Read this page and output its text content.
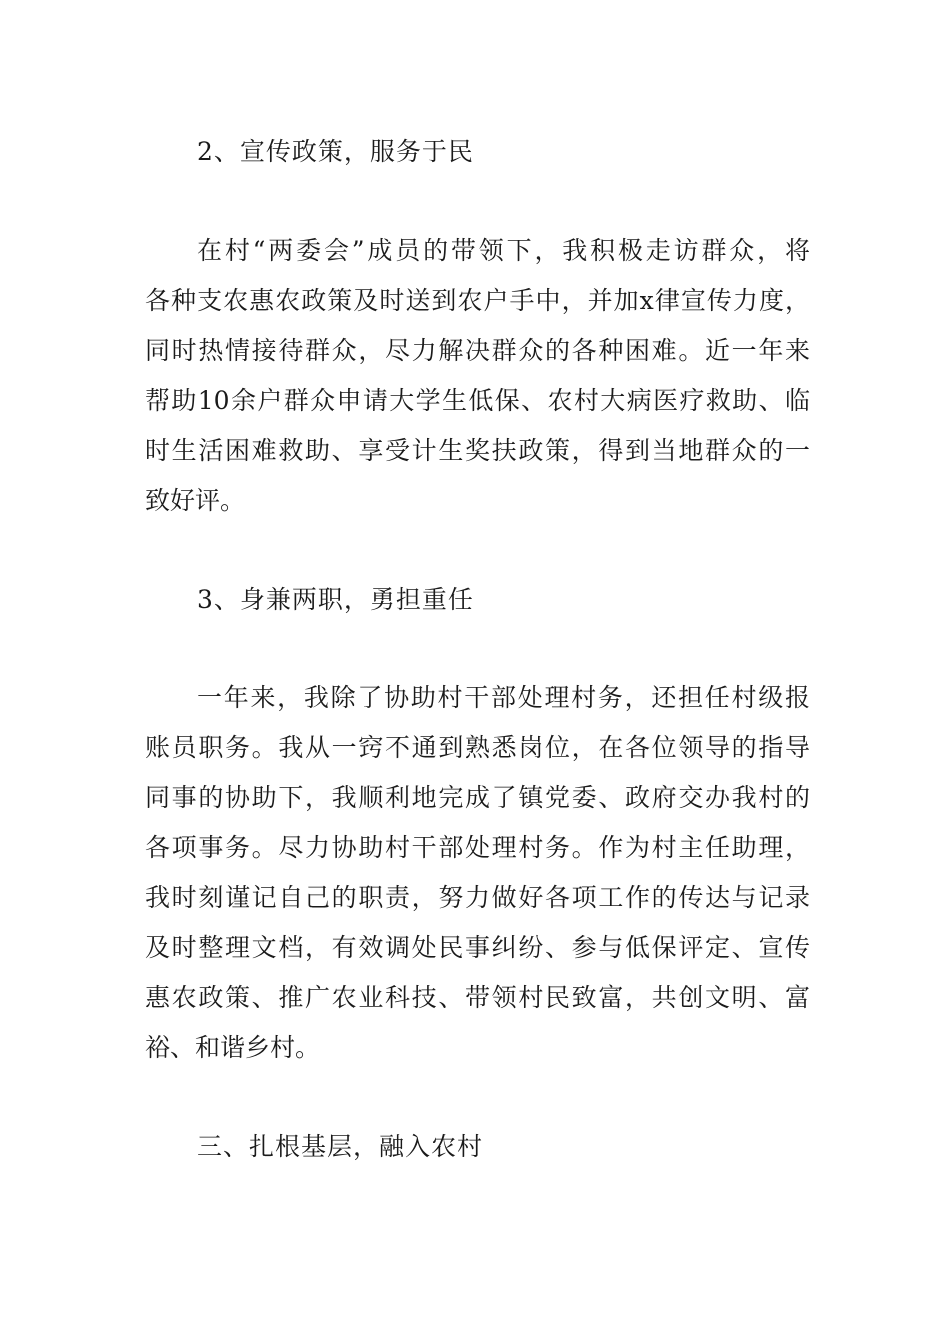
2、宣传政策，服务于民
在村“两委会”成员的带领下，我积极走访群众，将
各种支农惠农政策及时送到农户手中，并加x律宣传力度，
同时热情接待群众，尽力解决群众的各种困难。近一年来
帮助10余户群众申请大学生低保、农村大病医疗救助、临
时生活困难救助、享受计生奖扶政策，得到当地群众的一
致好评。
3、身兼两职，勇担重任
一年来，我除了协助村干部处理村务，还担任村级报
账员职务。我从一窍不通到熟悉岗位，在各位领导的指导
同事的协助下，我顺利地完成了镇党委、政府交办我村的
各项事务。尽力协助村干部处理村务。作为村主任助理，
我时刻谨记自己的职责，努力做好各项工作的传达与记录
及时整理文档，有效调处民事纠纷、参与低保评定、宣传
惠农政策、推广农业科技、带领村民致富，共创文明、富
裕、和谐乡村。
三、扎根基层，融入农村
